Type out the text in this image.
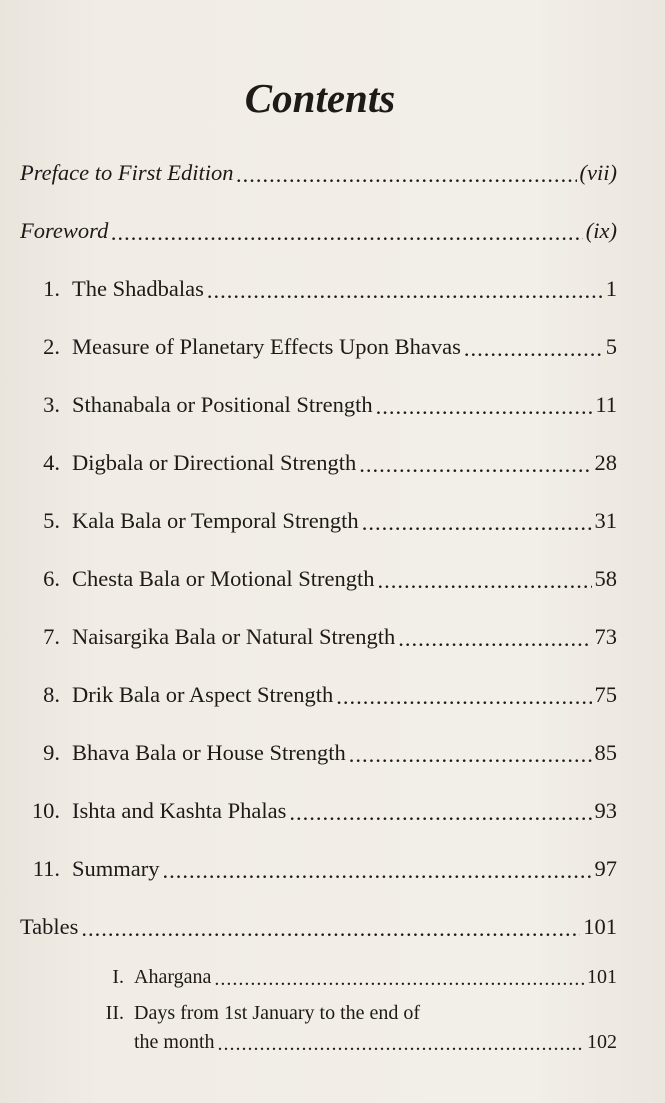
Contents
Preface to First Edition .....	(vii)
Foreword .....	(ix)
1. The Shadbalas .....	1
2. Measure of Planetary Effects Upon Bhavas .....	5
3. Sthanabala or Positional Strength .....	11
4. Digbala or Directional Strength .....	28
5. Kala Bala or Temporal Strength .....	31
6. Chesta Bala or Motional Strength .....	58
7. Naisargika Bala or Natural Strength .....	73
8. Drik Bala or Aspect Strength .....	75
9. Bhava Bala or House Strength .....	85
10. Ishta and Kashta Phalas .....	93
11. Summary .....	97
Tables .....	101
I. Ahargana .....	101
II. Days from 1st January to the end of
the month .....	102
